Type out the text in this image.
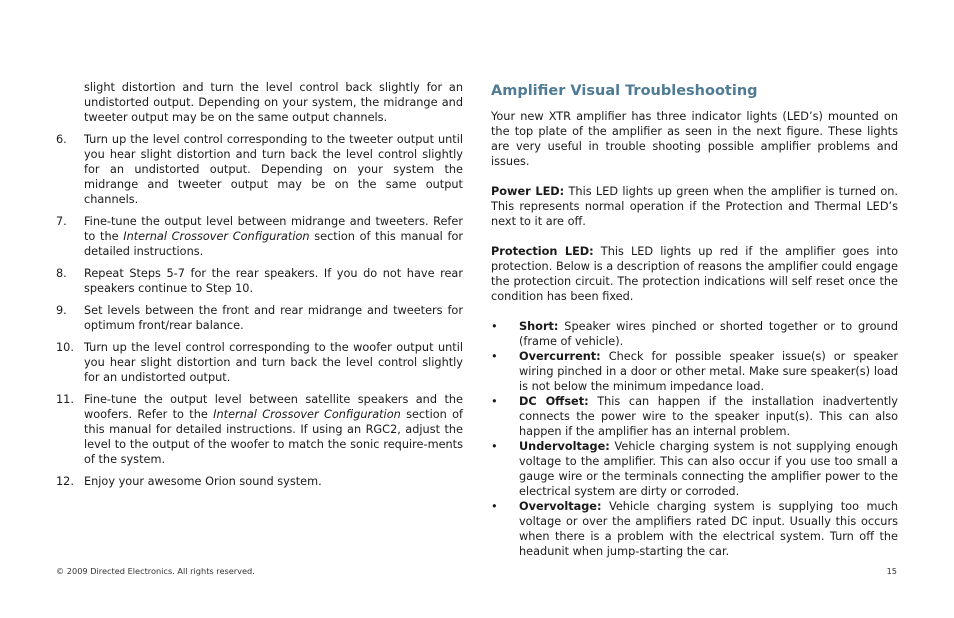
slight distortion and turn the level control back slightly for an undistorted output. Depending on your system, the midrange and tweeter output may be on the same output channels.
6.	Turn up the level control corresponding to the tweeter output until you hear slight distortion and turn back the level control slightly for an undistorted output. Depending on your system the midrange and tweeter output may be on the same output channels.
7.	Fine-tune the output level between midrange and tweeters. Refer to the Internal Crossover Configuration section of this manual for detailed instructions.
8.	Repeat Steps 5-7 for the rear speakers. If you do not have rear speakers continue to Step 10.
9.	Set levels between the front and rear midrange and tweeters for optimum front/rear balance.
10. Turn up the level control corresponding to the woofer output until you hear slight distortion and turn back the level control slightly for an undistorted output.
11. Fine-tune the output level between satellite speakers and the woofers. Refer to the Internal Crossover Configuration section of this manual for detailed instructions. If using an RGC2, adjust the level to the output of the woofer to match the sonic require-ments of the system.
12. Enjoy your awesome Orion sound system.
Amplifier Visual Troubleshooting

Your new XTR amplifier has three indicator lights (LED’s) mounted on the top plate of the amplifier as seen in the next figure. These lights are very useful in trouble shooting possible amplifier problems and issues.

Power LED: This LED lights up green when the amplifier is turned on. This represents normal operation if the Protection and Thermal LED’s next to it are off.

Protection LED: This LED lights up red if the amplifier goes into protection. Below is a description of reasons the amplifier could engage the protection circuit. The protection indications will self reset once the condition has been fixed.

•	Short: Speaker wires pinched or shorted together or to ground (frame of vehicle).
•	Overcurrent: Check for possible speaker issue(s) or speaker wiring pinched in a door or other metal. Make sure speaker(s) load is not below the minimum impedance load.
•	DC Offset: This can happen if the installation inadvertently connects the power wire to the speaker input(s). This can also happen if the amplifier has an internal problem.
•	Undervoltage: Vehicle charging system is not supplying enough voltage to the amplifier. This can also occur if you use too small a gauge wire or the terminals connecting the amplifier power to the electrical system are dirty or corroded.
•	Overvoltage: Vehicle charging system is supplying too much voltage or over the amplifiers rated DC input. Usually this occurs when there is a problem with the electrical system. Turn off the headunit when jump-starting the car.
© 2009 Directed Electronics. All rights reserved.	15
